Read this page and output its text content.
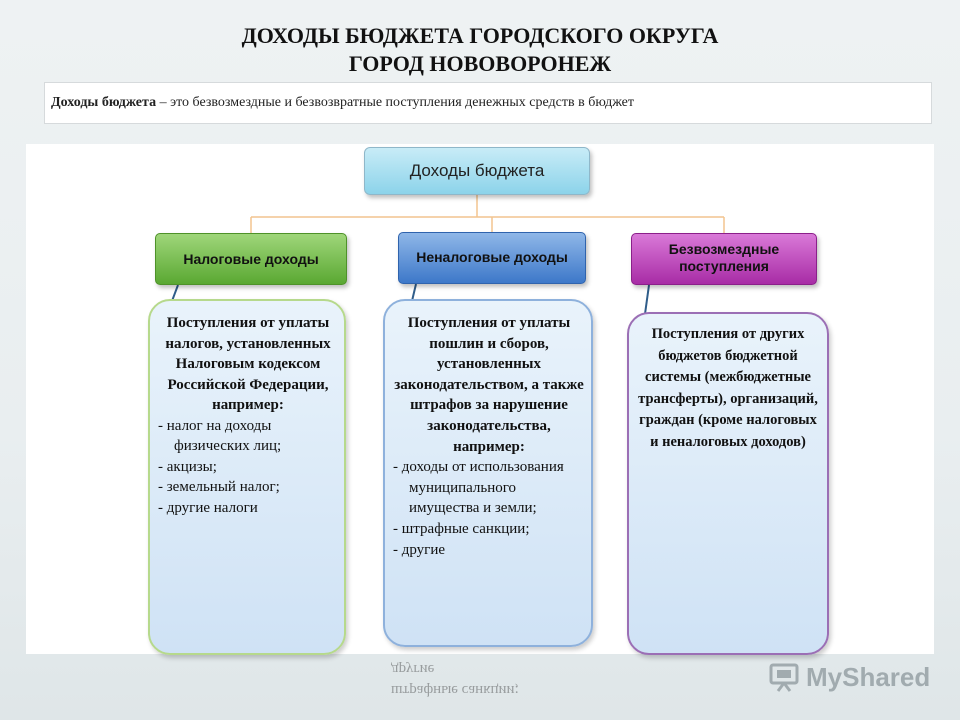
ДОХОДЫ БЮДЖЕТА ГОРОДСКОГО ОКРУГА
ГОРОД НОВОВОРОНЕЖ
Доходы бюджета – это безвозмездные и безвозвратные поступления денежных средств в бюджет
Доходы бюджета
Налоговые доходы	Неналоговые доходы	Безвозмездные поступления
Поступления от уплаты налогов, установленных Налоговым кодексом Российской Федерации, например:
- налог на доходы физических лиц;
- акцизы;
- земельный налог;
- другие налоги
Поступления от уплаты пошлин и сборов, установленных законодательством, а также штрафов за нарушение законодательства, например:
- доходы от использования муниципального имущества и земли;
- штрафные санкции;
- другие
Поступления от других бюджетов бюджетной системы (межбюджетные трансферты), организаций, граждан (кроме налоговых и неналоговых доходов)
штрафные санкции;
другие	MyShared
